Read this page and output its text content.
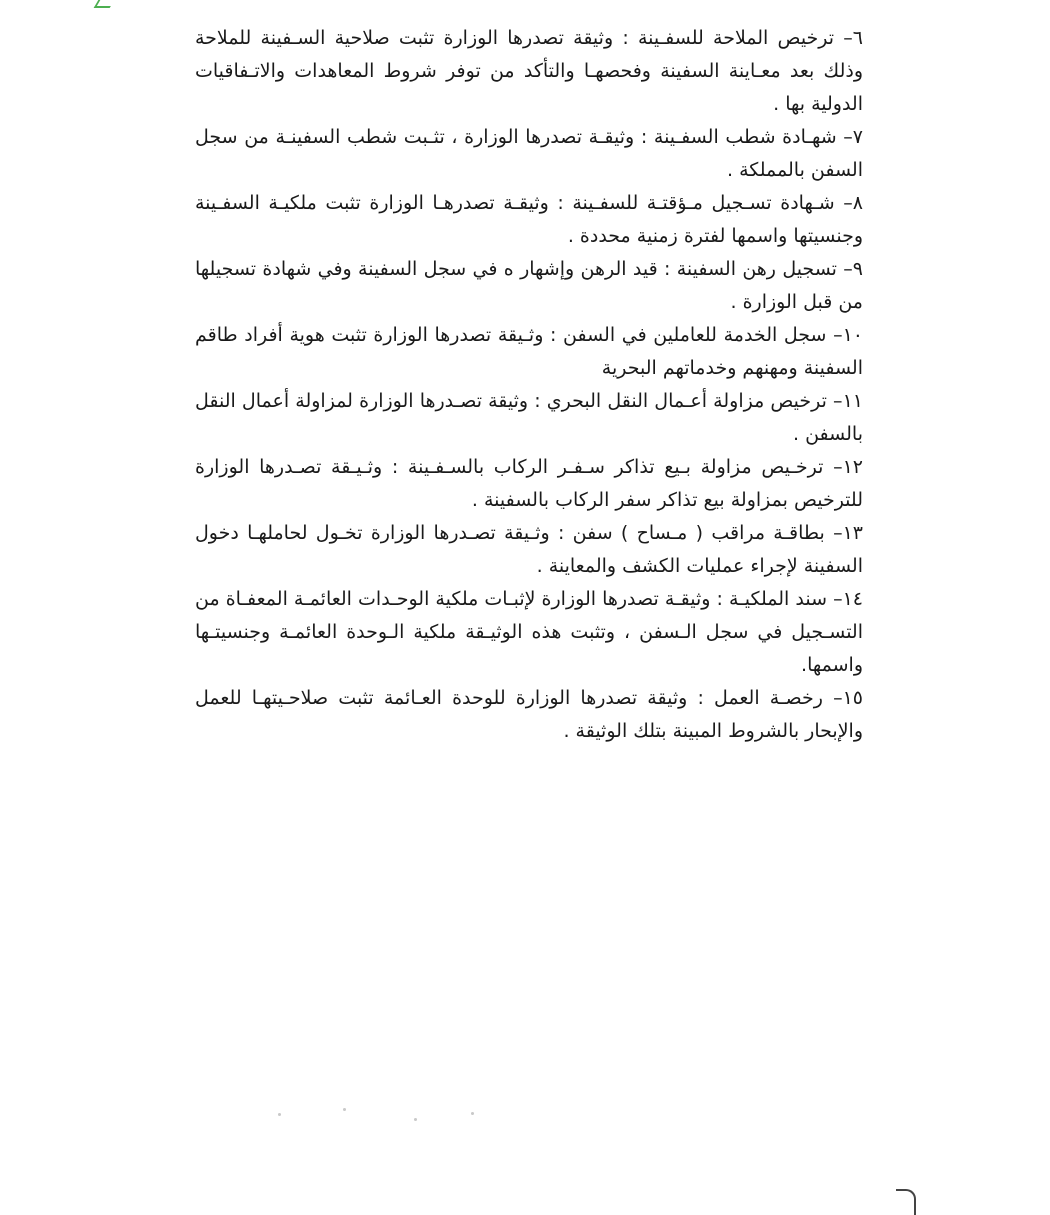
٦– ترخيص الملاحة للسفـينة : وثيقة تصدرها الوزارة تثبت صلاحية السـفينة للملاحة وذلك بعد معـاينة السفينة وفحصهـا والتأكد من توفر شروط المعاهدات والاتـفاقيات الدولية بها .

٧– شهـادة شطب السفـينة : وثيقـة تصدرها الوزارة ، تثـبت شطب السفينـة من سجل السفن بالمملكة .

٨– شـهادة تسـجيل مـؤقتـة للسفـينة : وثيقـة تصدرهـا الوزارة تثبت ملكيـة السفـينة وجنسيتها واسمها لفترة زمنية محددة .

٩– تسجيل رهن السفينة : قيد الرهن وإشهار ه في سجل السفينة وفي شهادة تسجيلها من قبل الوزارة .

١٠– سجل الخدمة للعاملين في السفن : وثـيقة تصدرها الوزارة تثبت هوية أفراد طاقم السفينة ومهنهم وخدماتهم البحرية

١١– ترخيص مزاولة أعـمال النقل البحري : وثيقة تصـدرها الوزارة لمزاولة أعمال النقل بالسفن .

١٢– ترخـيص مزاولة بـيع تذاكر سـفـر الركاب بالسـفـينة : وثـيـقة تصـدرها الوزارة للترخيص بمزاولة بيع تذاكر سفر الركاب بالسفينة .

١٣– بطاقـة مراقب ( مـساح ) سفن : وثـيقة تصـدرها الوزارة تخـول لحاملهـا دخول السفينة لإجراء عمليات الكشف والمعاينة .

١٤– سند الملكيـة : وثيقـة تصدرها الوزارة لإثبـات ملكية الوحـدات العائمـة المعفـاة من التسـجيل في سجل الـسفن ، وتثبت هذه الوثيـقة ملكية الـوحدة العائمـة وجنسيتـها واسمها.

١٥– رخصـة العمل : وثيقة تصدرها الوزارة للوحدة العـائمة تثبت صلاحـيتهـا للعمل والإبحار بالشروط المبينة بتلك الوثيقة .
